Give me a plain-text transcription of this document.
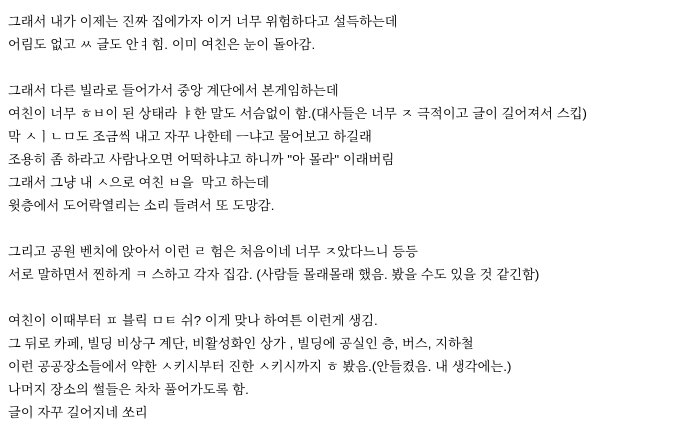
그래서 내가 이제는 진짜 집에가자 이거 너무 위험하다고 설득하는데
어림도 없고 ㅆ 글도 안ㅕ힘. 이미 여친은 눈이 돌아감.
그래서 다른 빌라로 들어가서 중앙 계단에서 본게임하는데
여친이 너무 ㅎㅂ이 된 상태라 ㅑ한 말도 서슴없이 함.(대사들은 너무 ㅈ 극적이고 글이 길어져서 스킵)
막 ㅅㅣㄴㅁ도 조금씩 내고 자꾸 나한테 ㅡ냐고 물어보고 하길래
조용히 좀 하라고 사람나오면 어떡하냐고 하니까 "아 몰라" 이래버림
그래서 그냥 내 ㅅ으로 여친 ㅂ을  막고 하는데
윗층에서 도어락열리는 소리 들려서 또 도망감.
그리고 공원 벤치에 앉아서 이런 ㄹ 험은 처음이네 너무 ㅈ았다느니 등등
서로 말하면서 찐하게 ㅋ 스하고 각자 집감. (사람들 몰래몰래 했음. 봤을 수도 있을 것 같긴함)
여친이 이때부터 ㅍ 블릭 ㅁㅌ 쉬? 이게 맞나 하여튼 이런게 생김.
그 뒤로 카페, 빌딩 비상구 계단, 비활성화인 상가 , 빌딩에 공실인 층, 버스, 지하철
이런 공공장소들에서 약한 ㅅ키시부터 진한 ㅅ키시까지 ㅎ 봤음.(안들켰음. 내 생각에는.)
나머지 장소의 썰들은 차차 풀어가도록 함.
글이 자꾸 길어지네 쏘리
